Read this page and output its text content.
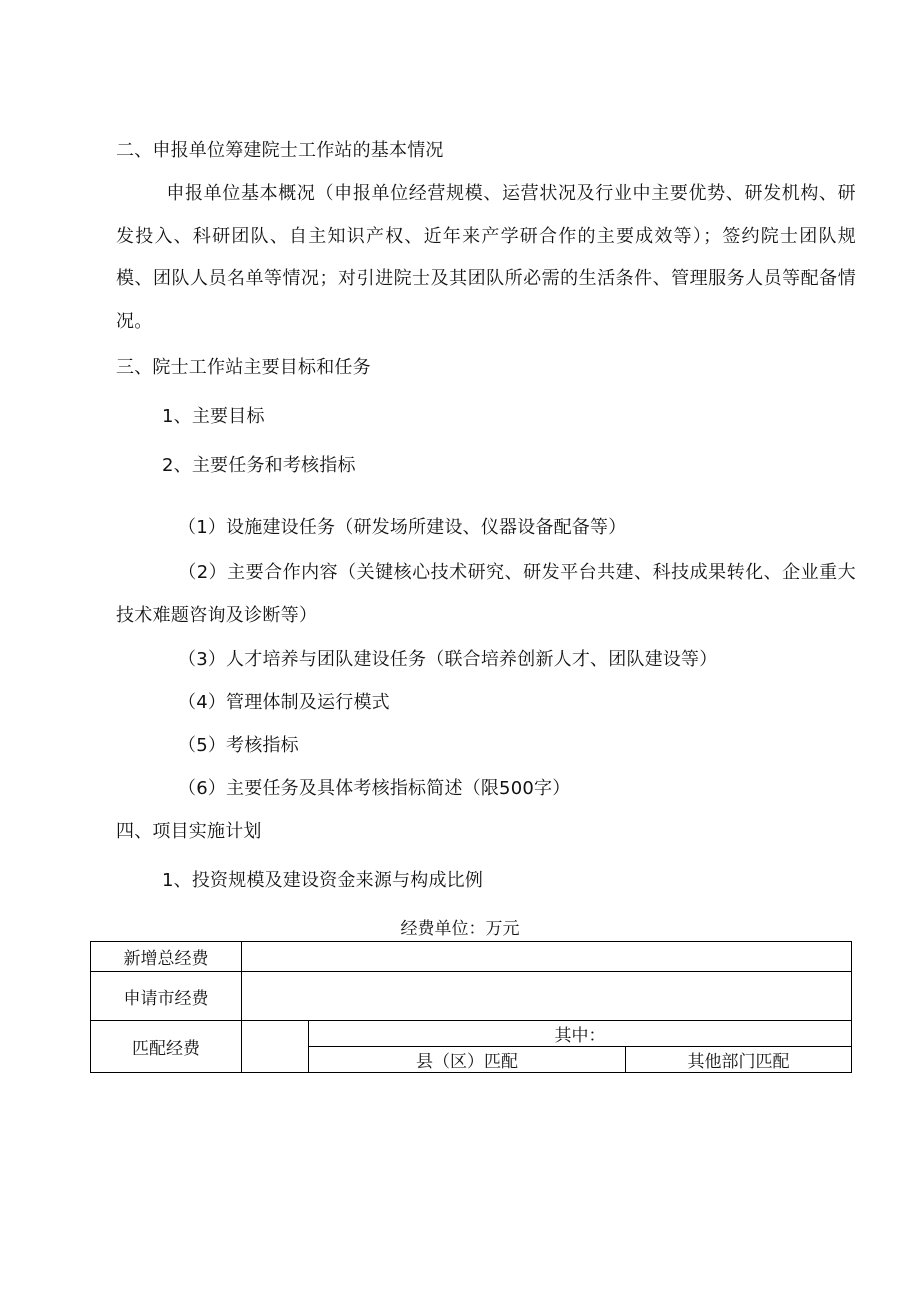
二、申报单位筹建院士工作站的基本情况
申报单位基本概况（申报单位经营规模、运营状况及行业中主要优势、研发机构、研发投入、科研团队、自主知识产权、近年来产学研合作的主要成效等）；签约院士团队规模、团队人员名单等情况；对引进院士及其团队所必需的生活条件、管理服务人员等配备情况。
三、院士工作站主要目标和任务
1、主要目标
2、主要任务和考核指标
（1）设施建设任务（研发场所建设、仪器设备配备等）
（2）主要合作内容（关键核心技术研究、研发平台共建、科技成果转化、企业重大技术难题咨询及诊断等）
（3）人才培养与团队建设任务（联合培养创新人才、团队建设等）
（4）管理体制及运行模式
（5）考核指标
（6）主要任务及具体考核指标简述（限500字）
四、项目实施计划
1、投资规模及建设资金来源与构成比例
经费单位：万元
新增总经费			
申请市经费			
匹配经费		其中：	
		县（区）匹配	其他部门匹配
